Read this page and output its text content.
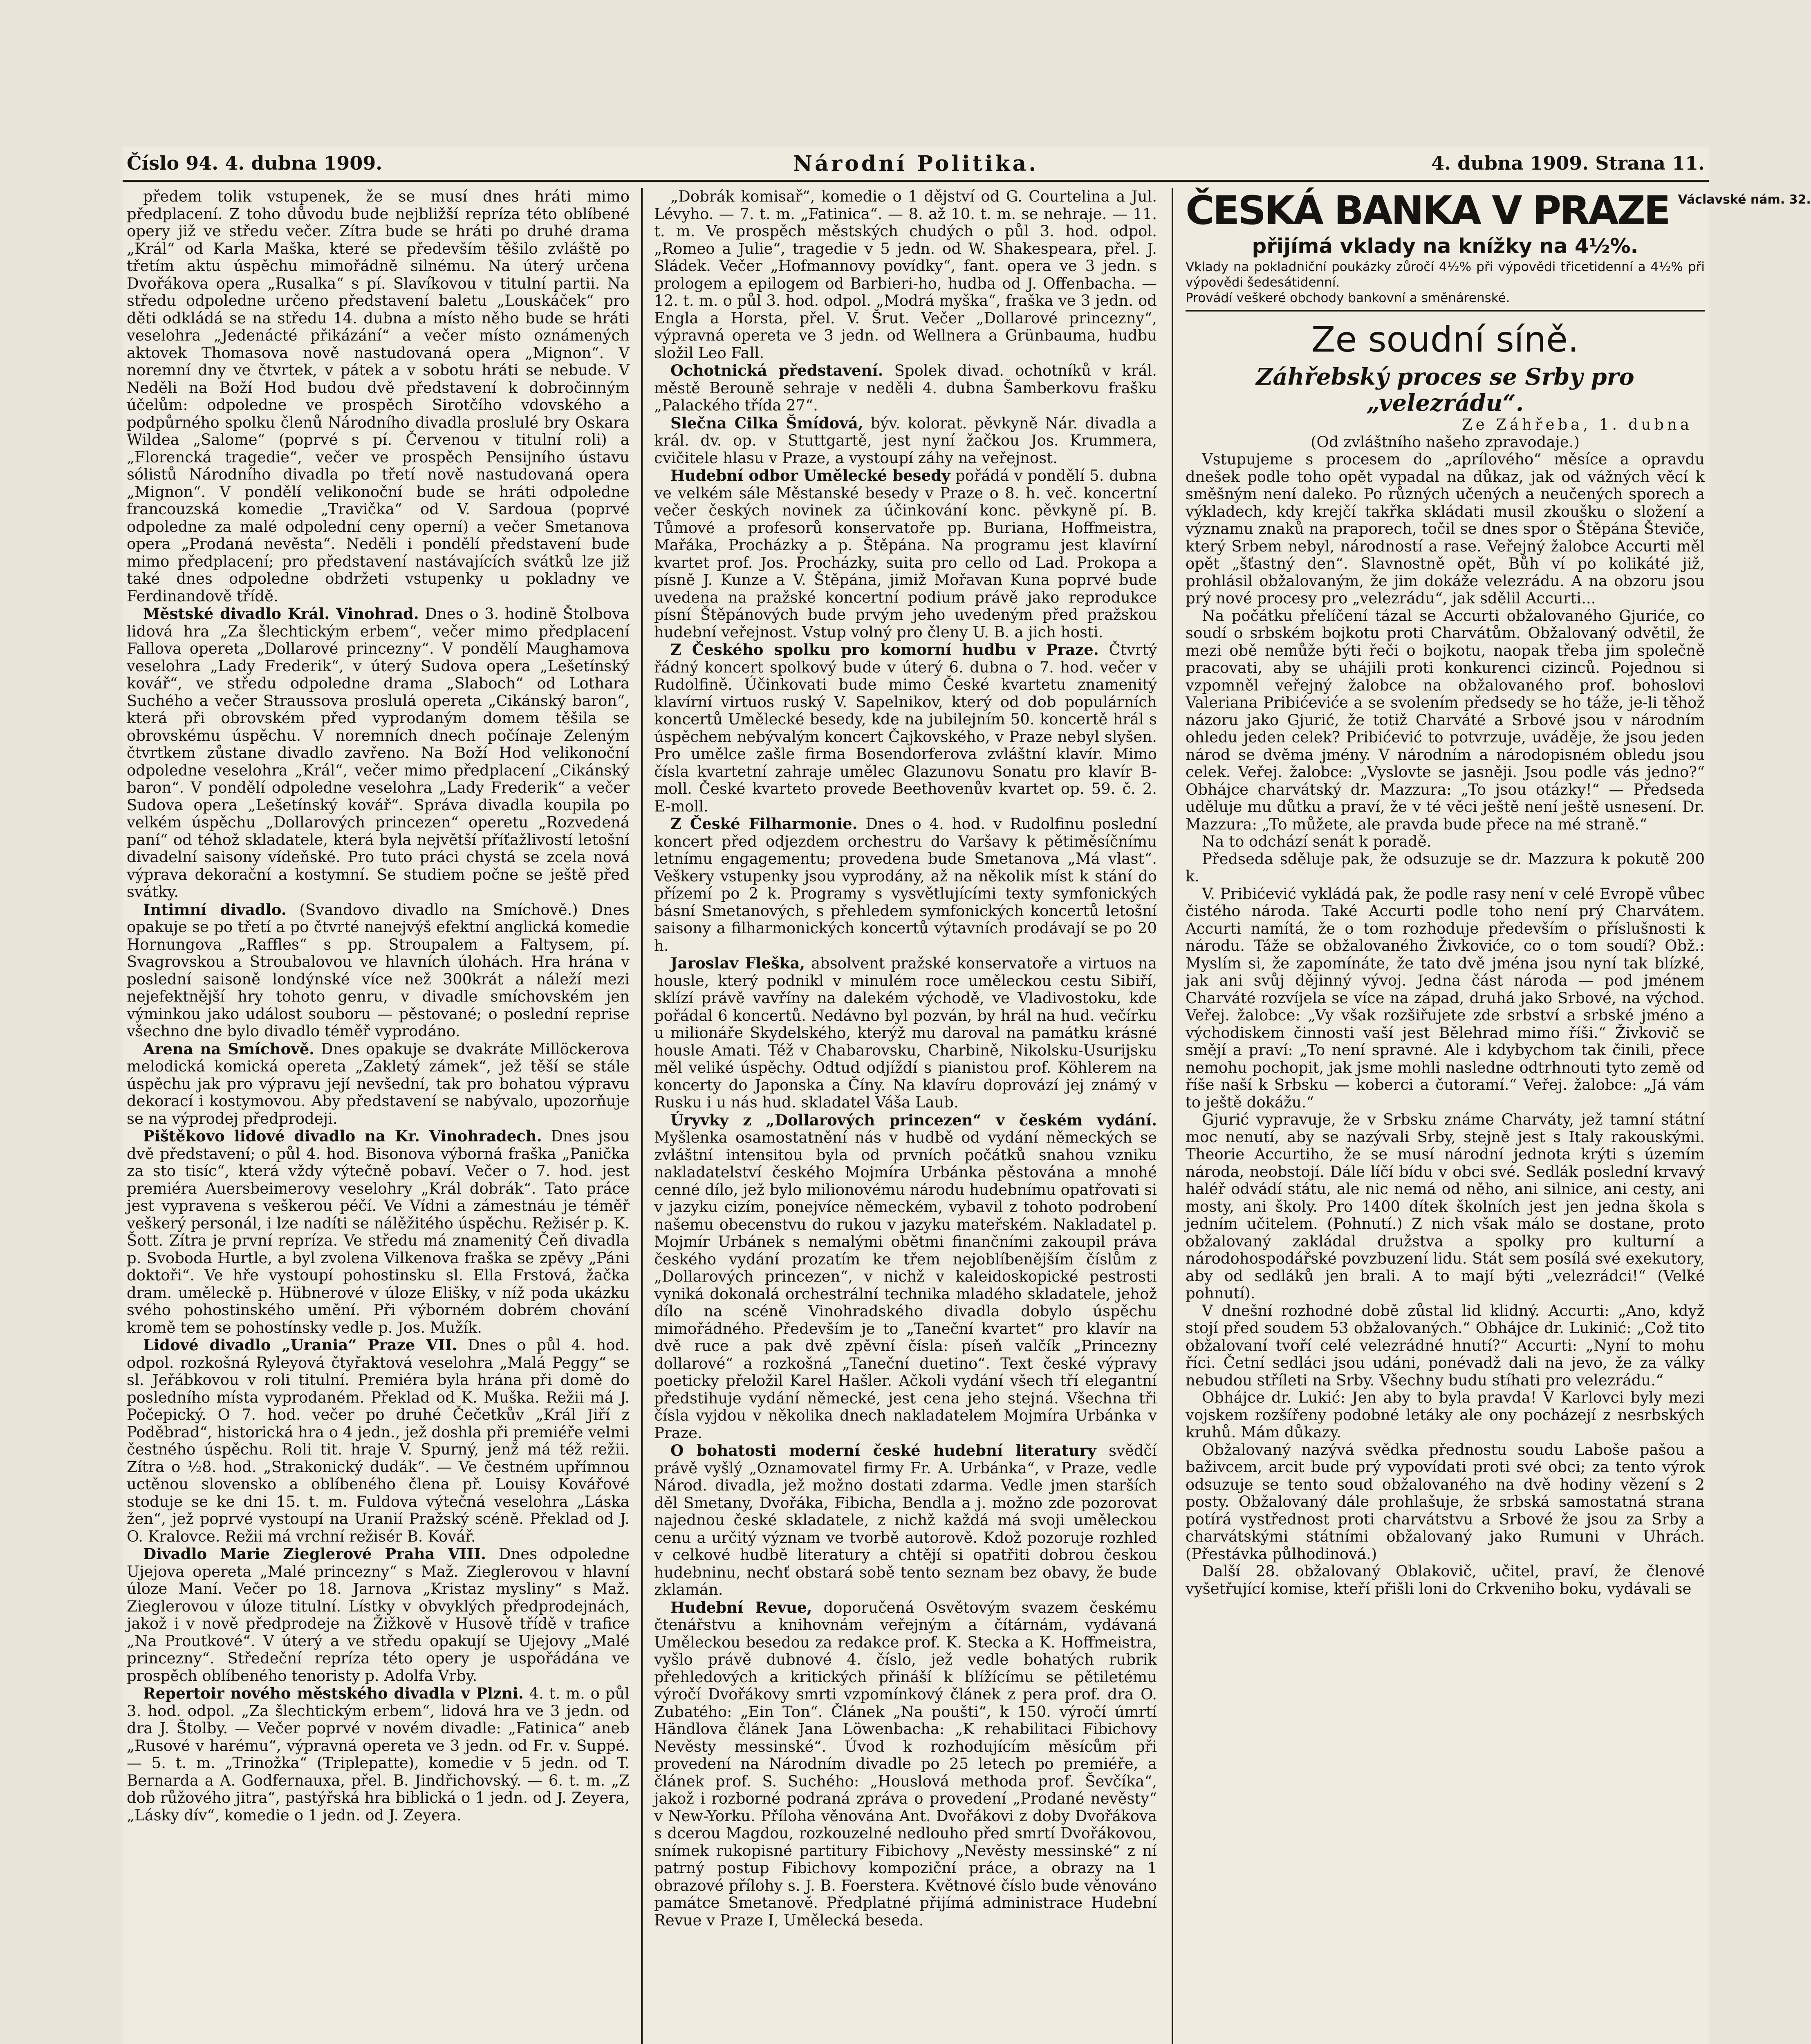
Číslo 94. 4. dubna 1909.	Národní Politika.	4. dubna 1909. Strana 11.

předem tolik vstupenek, že se musí dnes hráti mimo předplacení. Z toho důvodu bude nejbližší repríza této oblíbené opery již ve středu večer. Zítra bude se hráti po druhé drama „Král“ od Karla Maška, které se především těšilo zvláště po třetím aktu úspěchu mimořádně silnému. Na úterý určena Dvořákova opera „Rusalka“ s pí. Slavíkovou v titulní partii. Na středu odpoledne určeno představení baletu „Louskáček“ pro děti odkládá se na středu 14. dubna a místo něho bude se hráti veselohra „Jedenácté přikázání“ a večer místo oznámených aktovek Thomasova nově nastudovaná opera „Mignon“. V noremní dny ve čtvrtek, v pátek a v sobotu hráti se nebude. V Neděli na Boží Hod budou dvě představení k dobročinným účelům: odpoledne ve prospěch Sirotčího vdovského a podpůrného spolku členů Národního divadla proslulé bry Oskara Wildea „Salome“ (poprvé s pí. Červenou v titulní roli) a „Florencká tragedie“, večer ve prospěch Pensijního ústavu sólistů Národního divadla po třetí nově nastudovaná opera „Mignon“. V pondělí velikonoční bude se hráti odpoledne francouzská komedie „Travička“ od V. Sardoua (poprvé odpoledne za malé odpolední ceny operní) a večer Smetanova opera „Prodaná nevěsta“. Neděli i pondělí představení bude mimo předplacení; pro představení nastávajících svátků lze již také dnes odpoledne obdržeti vstupenky u pokladny ve Ferdinandově třídě.

Městské divadlo Král. Vinohrad. Dnes o 3. hodině Štolbova lidová hra „Za šlechtickým erbem“, večer mimo předplacení Fallova opereta „Dollarové princezny“. V pondělí Maughamova veselohra „Lady Frederik“, v úterý Sudova opera „Lešetínský kovář“, ve středu odpoledne drama „Slaboch“ od Lothara Suchého a večer Straussova proslulá opereta „Cikánský baron“, která při obrovském před vyprodaným domem těšila se obrovskému úspěchu. V noremních dnech počínaje Zeleným čtvrtkem zůstane divadlo zavřeno. Na Boží Hod velikonoční odpoledne veselohra „Král“, večer mimo předplacení „Cikánský baron“. V pondělí odpoledne veselohra „Lady Frederik“ a večer Sudova opera „Lešetínský kovář“. Správa divadla koupila po velkém úspěchu „Dollarových princezen“ operetu „Rozvedená paní“ od téhož skladatele, která byla největší příťažlivostí letošní divadelní saisony vídeňské. Pro tuto práci chystá se zcela nová výprava dekorační a kostymní. Se studiem počne se ještě před svátky.

Intimní divadlo. (Svandovo divadlo na Smíchově.) Dnes opakuje se po třetí a po čtvrté nanejvýš efektní anglická komedie Hornungova „Raffles“ s pp. Stroupalem a Faltysem, pí. Svagrovskou a Stroubalovou ve hlavních úlohách. Hra hrána v poslední saisoně londýnské více než 300krát a náleží mezi nejefektnější hry tohoto genru, v divadle smíchovském jen výminkou jako událost souboru — pěstované; o poslední reprise všechno dne bylo divadlo téměř vyprodáno.

Arena na Smíchově. Dnes opakuje se dvakráte Millöckerova melodická komická opereta „Zakletý zámek“, jež těší se stále úspěchu jak pro výpravu její nevšední, tak pro bohatou výpravu dekorací i kostymovou. Aby představení se nabývalo, upozorňuje se na výprodej předprodeji.

Pištěkovo lidové divadlo na Kr. Vinohradech. Dnes jsou dvě představení; o půl 4. hod. Bisonova výborná fraška „Panička za sto tisíc“, která vždy výtečně pobaví. Večer o 7. hod. jest premiéra Auersbeimerovy veselohry „Král dobrák“. Tato práce jest vypravena s veškerou péčí. Ve Vídni a zámestnáu je téměř veškerý personál, i lze nadíti se nálěžitého úspěchu. Režisér p. K. Šott. Zítra je první repríza. Ve středu má znamenitý Čeň divadla p. Svoboda Hurtle, a byl zvolena Vilkenova fraška se zpěvy „Páni doktoři“. Ve hře vystoupí pohostinsku sl. Ella Frstová, žačka dram. uměleckě p. Hübnerové v úloze Elišky, v níž poda ukázku svého pohostinského umění. Při výborném dobrém chování kromě tem se pohostínsky vedle p. Jos. Mužík.

Lidové divadlo „Urania“ Praze VII. Dnes o půl 4. hod. odpol. rozkošná Ryleyová čtyřaktová veselohra „Malá Peggy“ se sl. Jeřábkovou v roli titulní. Premiéra byla hrána při domě do posledního místa vyprodaném. Překlad od K. Muška. Režii má J. Počepický. O 7. hod. večer po druhé Čečetkův „Král Jiří z Poděbrad“, historická hra o 4 jedn., jež doshla při premiéře velmi čestného úspěchu. Roli tit. hraje V. Spurný, jenž má též režii. Zítra o ½8. hod. „Strakonický dudák“. — Ve čestném upřímnou uctěnou slovensko a oblíbeného člena př. Louisy Kovářové stoduje se ke dni 15. t. m. Fuldova výtečná veselohra „Láska žen“, jež poprvé vystoupí na Uranií Pražský scéně. Překlad od J. O. Kralovce. Režii má vrchní režisér B. Kovář.

Divadlo Marie Zieglerové Praha VIII. Dnes odpoledne Ujejova opereta „Malé princezny“ s Maž. Zieglerovou v hlavní úloze Maní. Večer po 18. Jarnova „Kristaz mysliny“ s Maž. Zieglerovou v úloze titulní. Lístky v obvyklých předprodejnách, jakož i v nově předprodeje na Žižkově v Husově třídě v trafice „Na Proutkové“. V úterý a ve středu opakují se Ujejovy „Malé princezny“. Středeční repríza této opery je uspořádána ve prospěch oblíbeného tenoristy p. Adolfa Vrby.

Repertoir nového městského divadla v Plzni. 4. t. m. o půl 3. hod. odpol. „Za šlechtickým erbem“, lidová hra ve 3 jedn. od dra J. Štolby. — Večer poprvé v novém divadle: „Fatinica“ aneb „Rusové v harému“, výpravná opereta ve 3 jedn. od Fr. v. Suppé. — 5. t. m. „Trinožka“ (Triplepatte), komedie v 5 jedn. od T. Bernarda a A. Godfernauxa, přel. B. Jindřichovský. — 6. t. m. „Z dob růžového jitra“, pastýřská hra biblická o 1 jedn. od J. Zeyera, „Lásky dív“, komedie o 1 jedn. od J. Zeyera.

„Dobrák komisař“, komedie o 1 dějství od G. Courtelina a Jul. Lévyho. — 7. t. m. „Fatinica“. — 8. až 10. t. m. se nehraje. — 11. t. m. Ve prospěch městských chudých o půl 3. hod. odpol. „Romeo a Julie“, tragedie v 5 jedn. od W. Shakespeara, přel. J. Sládek. Večer „Hofmannovy povídky“, fant. opera ve 3 jedn. s prologem a epilogem od Barbieri-ho, hudba od J. Offenbacha. — 12. t. m. o půl 3. hod. odpol. „Modrá myška“, fraška ve 3 jedn. od Engla a Horsta, přel. V. Šrut. Večer „Dollarové princezny“, výpravná opereta ve 3 jedn. od Wellnera a Grünbauma, hudbu složil Leo Fall.

Ochotnická představení. Spolek divad. ochotníků v král. městě Berouně sehraje v neděli 4. dubna Šamberkovu frašku „Palackého třída 27“.

Slečna Cilka Šmídová, býv. kolorat. pěvkyně Nár. divadla a král. dv. op. v Stuttgartě, jest nyní žačkou Jos. Krummera, cvičitele hlasu v Praze, a vystoupí záhy na veřejnost.

Hudební odbor Umělecké besedy pořádá v pondělí 5. dubna ve velkém sále Městanské besedy v Praze o 8. h. več. koncertní večer českých novinek za účinkování konc. pěvkyně pí. B. Tůmové a profesorů konservatoře pp. Buriana, Hoffmeistra, Mařáka, Procházky a p. Štěpána. Na programu jest klavírní kvartet prof. Jos. Procházky, suita pro cello od Lad. Prokopa a písně J. Kunze a V. Štěpána, jimiž Mořavan Kuna poprvé bude uvedena na pražské koncertní podium právě jako reprodukce písní Štěpánových bude prvým jeho uvedeným před pražskou hudební veřejnost. Vstup volný pro členy U. B. a jich hosti.

Z Českého spolku pro komorní hudbu v Praze. Čtvrtý řádný koncert spolkový bude v úterý 6. dubna o 7. hod. večer v Rudolfině. Účinkovati bude mimo České kvartetu znamenitý klavírní virtuos ruský V. Sapelnikov, který od dob populárních koncertů Umělecké besedy, kde na jubilejním 50. koncertě hrál s úspěchem nebývalým koncert Čajkovského, v Praze nebyl slyšen. Pro umělce zašle firma Bosendorferova zvláštní klavír. Mimo čísla kvartetní zahraje umělec Glazunovu Sonatu pro klavír B-moll. České kvarteto provede Beethovenův kvartet op. 59. č. 2. E-moll.

Z České Filharmonie. Dnes o 4. hod. v Rudolfinu poslední koncert před odjezdem orchestru do Varšavy k pětiměsíčnímu letnímu engagementu; provedena bude Smetanova „Má vlast“. Veškery vstupenky jsou vyprodány, až na několik míst k stání do přízemí po 2 k. Programy s vysvětlujícími texty symfonických básní Smetanových, s přehledem symfonických koncertů letošní saisony a filharmonických koncertů výtavních prodávají se po 20 h.

Jaroslav Fleška, absolvent pražské konservatoře a virtuos na housle, který podnikl v minulém roce uměleckou cestu Sibiří, sklízí právě vavříny na dalekém východě, ve Vladivostoku, kde pořádal 6 koncertů. Nedávno byl pozván, by hrál na hud. večírku u milionáře Skydelského, kterýž mu daroval na památku krásné housle Amati. Též v Chabarovsku, Charbině, Nikolsku-Usurijsku měl veliké úspěchy. Odtud odjíždí s pianistou prof. Köhlerem na koncerty do Japonska a Číny. Na klavíru doprovází jej známý v Rusku i u nás hud. skladatel Váša Laub.

Úryvky z „Dollarových princezen“ v českém vydání. Myšlenka osamostatnění nás v hudbě od vydání německých se zvláštní intensitou byla od prvních počátků snahou vzniku nakladatelství českého Mojmíra Urbánka pěstována a mnohé cenné dílo, jež bylo milionovému národu hudebnímu opatřovati si v jazyku cizím, ponejvíce německém, vybavil z tohoto podrobení našemu obecenstvu do rukou v jazyku mateřském. Nakladatel p. Mojmír Urbánek s nemalými obětmi finančními zakoupil práva českého vydání prozatím ke třem nejoblíbenějším číslům z „Dollarových princezen“, v nichž v kaleidoskopické pestrosti vyniká dokonalá orchestrální technika mladého skladatele, jehož dílo na scéně Vinohradského divadla dobylo úspěchu mimořádného. Především je to „Taneční kvartet“ pro klavír na dvě ruce a pak dvě zpěvní čísla: píseň valčík „Princezny dollarové“ a rozkošná „Taneční duetino“. Text české výpravy poeticky přeložil Karel Hašler. Ačkoli vydání všech tří elegantní předstihuje vydání německé, jest cena jeho stejná. Všechna tři čísla vyjdou v několika dnech nakladatelem Mojmíra Urbánka v Praze.

O bohatosti moderní české hudební literatury svědčí právě vyšlý „Oznamovatel firmy Fr. A. Urbánka“, v Praze, vedle Národ. divadla, jež možno dostati zdarma. Vedle jmen starších děl Smetany, Dvořáka, Fibicha, Bendla a j. možno zde pozorovat najednou české skladatele, z nichž každá má svoji uměleckou cenu a určitý význam ve tvorbě autorově. Kdož pozoruje rozhled v celkové hudbě literatury a chtějí si opatřiti dobrou českou hudebninu, nechť obstará sobě tento seznam bez obavy, že bude zklamán.

Hudební Revue, doporučená Osvětovým svazem českému čtenářstvu a knihovnám veřejným a čítárnám, vydávaná Uměleckou besedou za redakce prof. K. Stecka a K. Hoffmeistra, vyšlo právě dubnové 4. číslo, jež vedle bohatých rubrik přehledových a kritických přináší k blížícímu se pětiletému výročí Dvořákovy smrti vzpomínkový článek z pera prof. dra O. Zubatého: „Ein Ton“. Článek „Na poušti“, k 150. výročí úmrtí Händlova článek Jana Löwenbacha: „K rehabilitaci Fibichovy Nevěsty messinské“. Úvod k rozhodujícím měsícům při provedení na Národním divadle po 25 letech po premiéře, a článek prof. S. Suchého: „Houslová methoda prof. Ševčíka“, jakož i rozborné podraná zpráva o provedení „Prodané nevěsty“ v New-Yorku. Příloha věnována Ant. Dvořákovi z doby Dvořákova s dcerou Magdou, rozkouzelné nedlouho před smrtí Dvořákovou, snímek rukopisné partitury Fibichovy „Nevěsty messinské“ z ní patrný postup Fibichovy kompoziční práce, a obrazy na 1 obrazové přílohy s. J. B. Foerstera. Květnové číslo bude věnováno památce Smetanově. Předplatné přijímá administrace Hudební Revue v Praze I, Umělecká beseda.

ČESKÁ BANKA V PRAZE Václavské nám. 32.
přijímá vklady na knížky na 4½%.
Vklady na pokladniční poukázky zůročí 4½% při výpovědi třicetidenní a 4½% při výpovědi šedesátidenní.
Provádí veškeré obchody bankovní a směnárenské.
Ze soudní síně.
Záhřebský proces se Srby pro „velezrádu“.
Ze Záhřeba, 1. dubna
(Od zvláštního našeho zpravodaje.)

Vstupujeme s procesem do „aprílového“ měsíce a opravdu dnešek podle toho opět vypadal na důkaz, jak od vážných věcí k směšným není daleko. Po různých učených a neučených sporech a výkladech, kdy krejčí takřka skládati musil zkoušku o složení a významu znaků na praporech, točil se dnes spor o Štěpána Števiče, který Srbem nebyl, národností a rase. Veřejný žalobce Accurti měl opět „šťastný den“. Slavnostně opět, Bůh ví po kolikáté již, prohlásil obžalovaným, že jim dokáže velezrádu. A na obzoru jsou prý nové procesy pro „velezrádu“, jak sdělil Accurti...

Na počátku přelíčení tázal se Accurti obžalovaného Gjuriće, co soudí o srbském bojkotu proti Charvátům. Obžalovaný odvětil, že mezi obě nemůže býti řeči o bojkotu, naopak třeba jim společně pracovati, aby se uhájili proti konkurenci cizinců. Pojednou si vzpomněl veřejný žalobce na obžalovaného prof. bohoslovi Valeriana Pribićeviće a se svolením předsedy se ho táže, je-li těhož názoru jako Gjurić, že totiž Charváté a Srbové jsou v národním ohledu jeden celek? Pribićević to potvrzuje, uváděje, že jsou jeden národ se dvěma jmény. V národním a národopisném obledu jsou celek. Veřej. žalobce: „Vyslovte se jasněji. Jsou podle vás jedno?“ Obhájce charvátský dr. Mazzura: „To jsou otázky!“ — Předseda uděluje mu důtku a praví, že v té věci ještě není ještě usnesení. Dr. Mazzura: „To můžete, ale pravda bude přece na mé straně.“

Na to odchází senát k poradě.

Předseda sděluje pak, že odsuzuje se dr. Mazzura k pokutě 200 k.

V. Pribićević vykládá pak, že podle rasy není v celé Evropě vůbec čistého národa. Také Accurti podle toho není prý Charvátem. Accurti namítá, že o tom rozhoduje především o příslušnosti k národu. Táže se obžalovaného Živkoviće, co o tom soudí? Obž.: Myslím si, že zapomínáte, že tato dvě jména jsou nyní tak blízké, jak ani svůj dějinný vývoj. Jedna část národa — pod jménem Charváté rozvíjela se více na západ, druhá jako Srbové, na východ. Veřej. žalobce: „Vy však rozšiřujete zde srbství a srbské jméno a východiskem činnosti vaší jest Bělehrad mimo říši.“ Živkovič se smějí a praví: „To není spravné. Ale i kdybychom tak činili, přece nemohu pochopit, jak jsme mohli nasledne odtrhnouti tyto země od říše naší k Srbsku — koberci a čutoramí.“ Veřej. žalobce: „Já vám to ještě dokážu.“

Gjurić vypravuje, že v Srbsku známe Charváty, jež tamní státní moc nenutí, aby se nazývali Srby, stejně jest s Italy rakouskými. Theorie Accurtiho, že se musí národní jednota krýti s územím národa, neobstojí. Dále líčí bídu v obci své. Sedlák poslední krvavý haléř odvádí státu, ale nic nemá od něho, ani silnice, ani cesty, ani mosty, ani školy. Pro 1400 dítek školních jest jen jedna škola s jedním učitelem. (Pohnutí.) Z nich však málo se dostane, proto obžalovaný zakládal družstva a spolky pro kulturní a národohospodářské povzbuzení lidu. Stát sem posílá své exekutory, aby od sedláků jen brali. A to mají býti „velezrádci!“ (Velké pohnutí).

V dnešní rozhodné době zůstal lid klidný. Accurti: „Ano, když stojí před soudem 53 obžalovaných.“ Obhájce dr. Lukinić: „Což tito obžalovaní tvoří celé velezrádné hnutí?“ Accurti: „Nyní to mohu říci. Četní sedláci jsou udáni, ponévadž dali na jevo, že za války nebudou stříleti na Srby. Všechny budu stíhati pro velezrádu.“

Obhájce dr. Lukić: Jen aby to byla pravda! V Karlovci byly mezi vojskem rozšířeny podobné letáky ale ony pocházejí z nesrbských kruhů. Mám důkazy.

Obžalovaný nazývá svědka přednostu soudu Laboše pašou a baživcem, arcit bude prý vypovídati proti své obci; za tento výrok odsuzuje se tento soud obžalovaného na dvě hodiny vězení s 2 posty. Obžalovaný dále prohlašuje, že srbská samostatná strana potírá vystřednost proti charvátstvu a Srbové že jsou za Srby a charvátskými státními obžalovaný jako Rumuni v Uhrách. (Přestávka půlhodinová.)

Další 28. obžalovaný Oblakovič, učitel, praví, že členové vyšetřující komise, kteří přišli loni do Crkveniho boku, vydávali se
